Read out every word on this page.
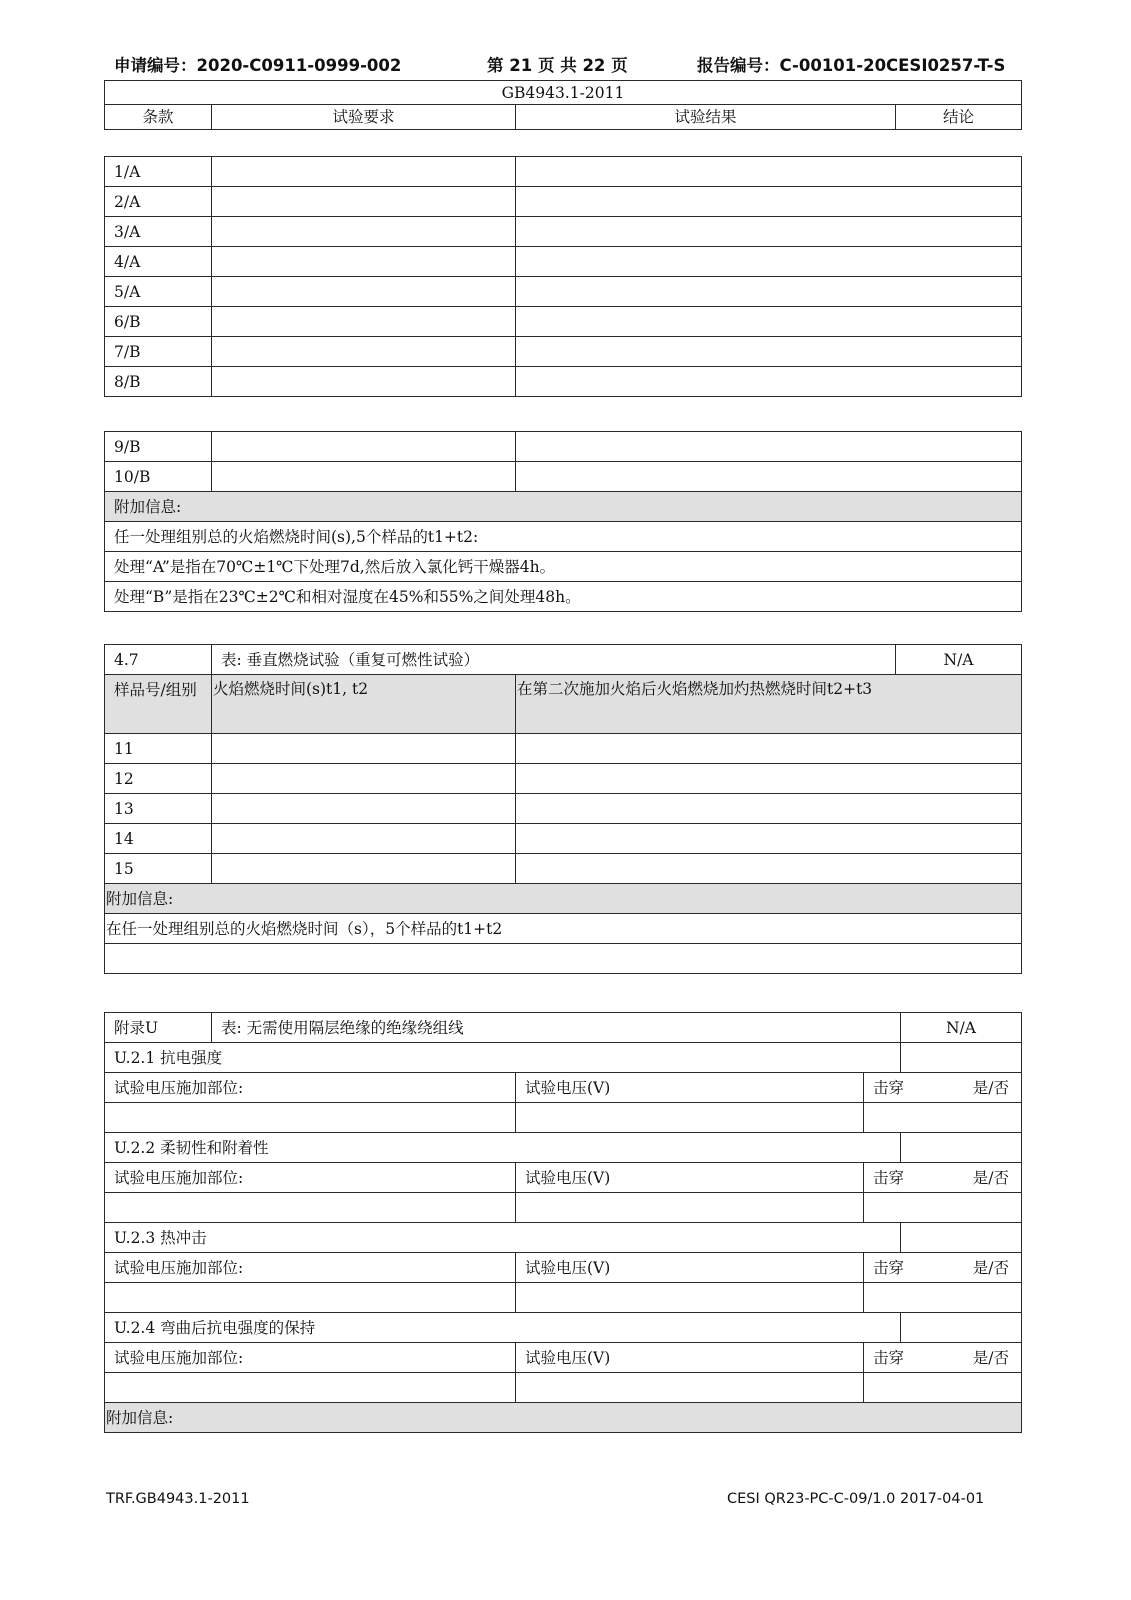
申请编号：2020-C0911-0999-002	第 21 页 共 22 页	报告编号：C-00101-20CESI0257-T-S
GB4943.1-2011
条款	试验要求	试验结果	结论
1/A		
2/A		
3/A		
4/A		
5/A		
6/B		
7/B		
8/B		
9/B		
10/B		
附加信息:		
任一处理组别总的火焰燃烧时间(s),5个样品的t1+t2:		
处理“A”是指在70℃±1℃下处理7d,然后放入氯化钙干燥器4h。		
处理“B”是指在23℃±2℃和相对湿度在45%和55%之间处理48h。		
4.7	表: 垂直燃烧试验（重复可燃性试验）		N/A
样品号/组别	火焰燃烧时间(s)t1, t2	在第二次施加火焰后火焰燃烧加灼热燃烧时间t2+t3	
11			
12			
13			
14			
15			
附加信息:			
在任一处理组别总的火焰燃烧时间（s），5个样品的t1+t2			

附录U	表: 无需使用隔层绝缘的绝缘绕组线			N/A
U.2.1 抗电强度				
试验电压施加部位:		试验电压(V)	击穿 是/否	

U.2.2 柔韧性和附着性				
试验电压施加部位:		试验电压(V)	击穿 是/否	

U.2.3 热冲击				
试验电压施加部位:		试验电压(V)	击穿 是/否	

U.2.4 弯曲后抗电强度的保持				
试验电压施加部位:		试验电压(V)	击穿 是/否	

附加信息:				
TRF.GB4943.1-2011	CESI QR23-PC-C-09/1.0 2017-04-01
